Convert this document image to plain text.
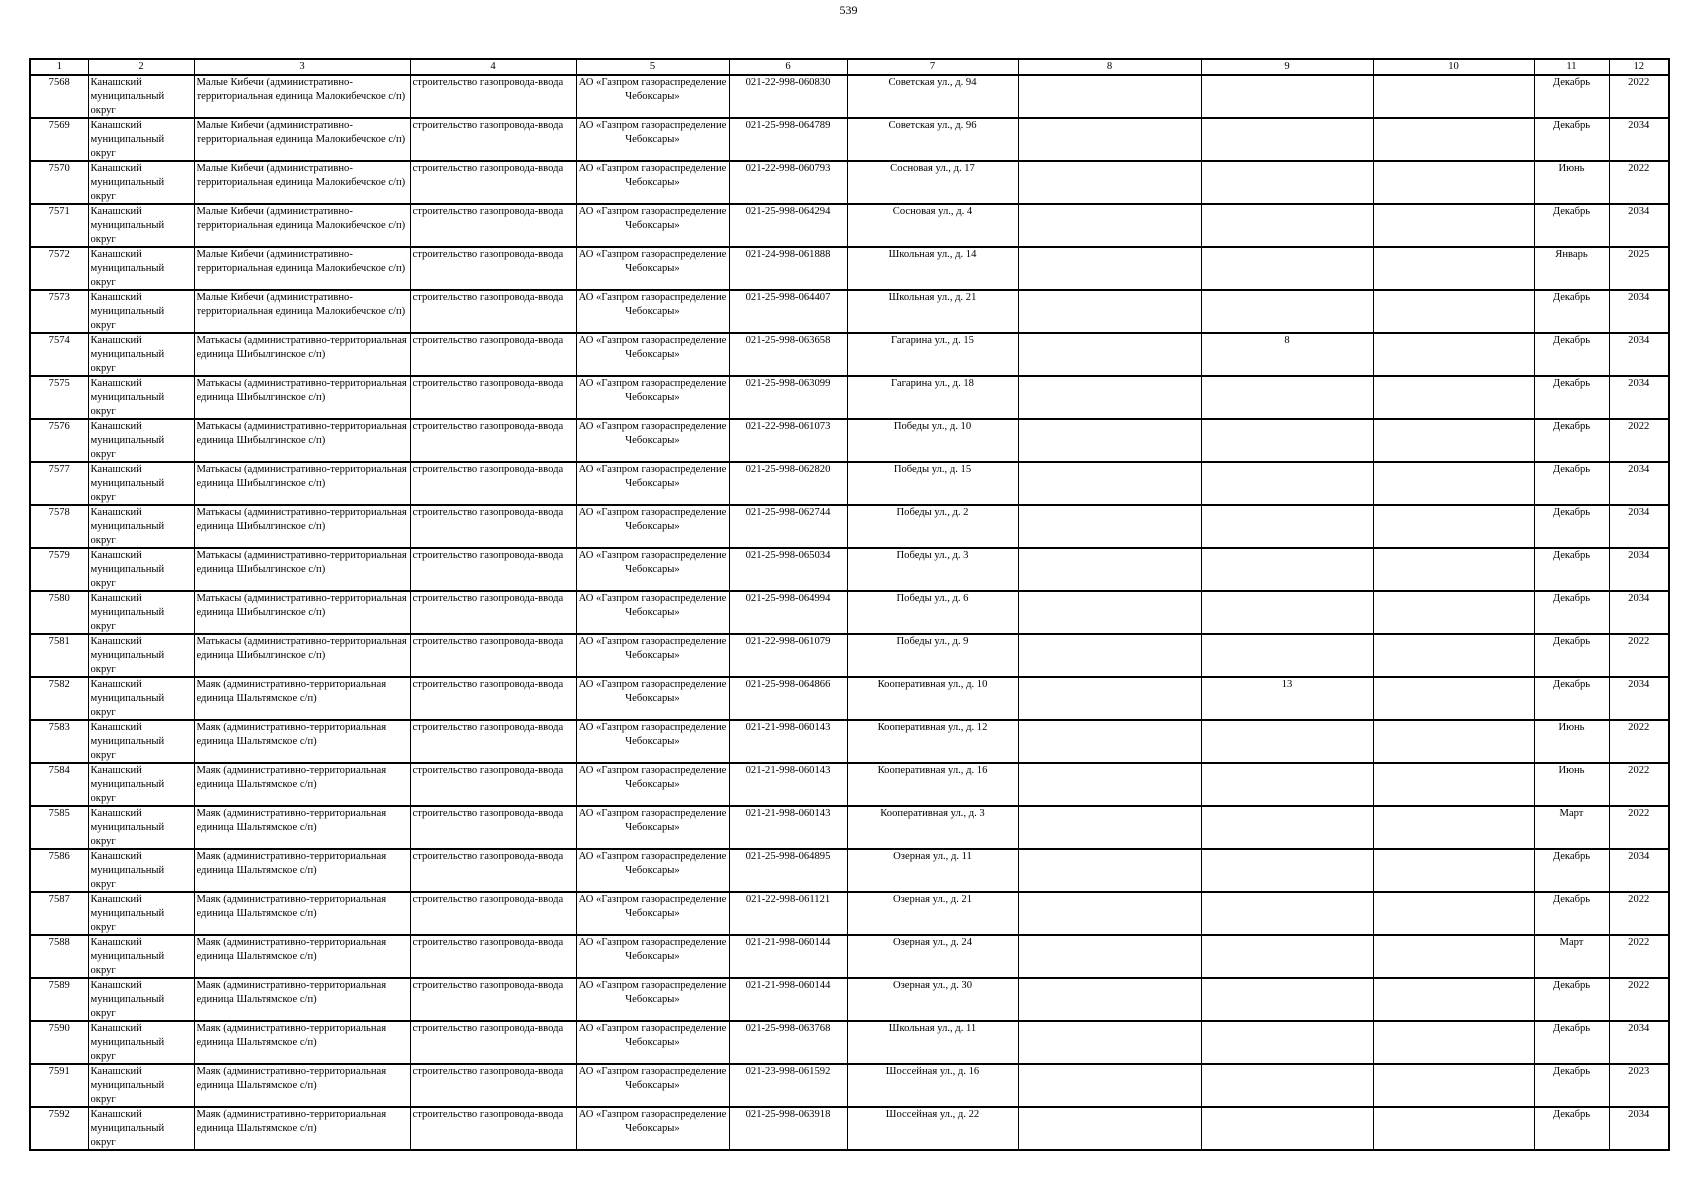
539
1	2	3	4	5	6	7	8	9	10	11	12

7568	Канашский муниципальный округ	Малые Кибечи (административно-территориальная единица Малокибечское с/п)	строительство газопровода-ввода	АО «Газпром газораспределение Чебоксары»	021-22-998-060830	Советская ул., д. 94				Декабрь	2022

7569	Канашский муниципальный округ	Малые Кибечи (административно-территориальная единица Малокибечское с/п)	строительство газопровода-ввода	АО «Газпром газораспределение Чебоксары»	021-25-998-064789	Советская ул., д. 96				Декабрь	2034

7570	Канашский муниципальный округ	Малые Кибечи (административно-территориальная единица Малокибечское с/п)	строительство газопровода-ввода	АО «Газпром газораспределение Чебоксары»	021-22-998-060793	Сосновая ул., д. 17				Июнь	2022

7571	Канашский муниципальный округ	Малые Кибечи (административно-территориальная единица Малокибечское с/п)	строительство газопровода-ввода	АО «Газпром газораспределение Чебоксары»	021-25-998-064294	Сосновая ул., д. 4				Декабрь	2034

7572	Канашский муниципальный округ	Малые Кибечи (административно-территориальная единица Малокибечское с/п)	строительство газопровода-ввода	АО «Газпром газораспределение Чебоксары»	021-24-998-061888	Школьная ул., д. 14				Январь	2025

7573	Канашский муниципальный округ	Малые Кибечи (административно-территориальная единица Малокибечское с/п)	строительство газопровода-ввода	АО «Газпром газораспределение Чебоксары»	021-25-998-064407	Школьная ул., д. 21				Декабрь	2034

7574	Канашский муниципальный округ	Матькасы (административно-территориальная единица Шибылгинское с/п)	строительство газопровода-ввода	АО «Газпром газораспределение Чебоксары»	021-25-998-063658	Гагарина ул., д. 15		8		Декабрь	2034

7575	Канашский муниципальный округ	Матькасы (административно-территориальная единица Шибылгинское с/п)	строительство газопровода-ввода	АО «Газпром газораспределение Чебоксары»	021-25-998-063099	Гагарина ул., д. 18				Декабрь	2034

7576	Канашский муниципальный округ	Матькасы (административно-территориальная единица Шибылгинское с/п)	строительство газопровода-ввода	АО «Газпром газораспределение Чебоксары»	021-22-998-061073	Победы ул., д. 10				Декабрь	2022

7577	Канашский муниципальный округ	Матькасы (административно-территориальная единица Шибылгинское с/п)	строительство газопровода-ввода	АО «Газпром газораспределение Чебоксары»	021-25-998-062820	Победы ул., д. 15				Декабрь	2034

7578	Канашский муниципальный округ	Матькасы (административно-территориальная единица Шибылгинское с/п)	строительство газопровода-ввода	АО «Газпром газораспределение Чебоксары»	021-25-998-062744	Победы ул., д. 2				Декабрь	2034

7579	Канашский муниципальный округ	Матькасы (административно-территориальная единица Шибылгинское с/п)	строительство газопровода-ввода	АО «Газпром газораспределение Чебоксары»	021-25-998-065034	Победы ул., д. 3				Декабрь	2034

7580	Канашский муниципальный округ	Матькасы (административно-территориальная единица Шибылгинское с/п)	строительство газопровода-ввода	АО «Газпром газораспределение Чебоксары»	021-25-998-064994	Победы ул., д. 6				Декабрь	2034

7581	Канашский муниципальный округ	Матькасы (административно-территориальная единица Шибылгинское с/п)	строительство газопровода-ввода	АО «Газпром газораспределение Чебоксары»	021-22-998-061079	Победы ул., д. 9				Декабрь	2022

7582	Канашский муниципальный округ	Маяк (административно-территориальная единица Шальтямское с/п)	строительство газопровода-ввода	АО «Газпром газораспределение Чебоксары»	021-25-998-064866	Кооперативная ул., д. 10		13		Декабрь	2034

7583	Канашский муниципальный округ	Маяк (административно-территориальная единица Шальтямское с/п)	строительство газопровода-ввода	АО «Газпром газораспределение Чебоксары»	021-21-998-060143	Кооперативная ул., д. 12				Июнь	2022

7584	Канашский муниципальный округ	Маяк (административно-территориальная единица Шальтямское с/п)	строительство газопровода-ввода	АО «Газпром газораспределение Чебоксары»	021-21-998-060143	Кооперативная ул., д. 16				Июнь	2022

7585	Канашский муниципальный округ	Маяк (административно-территориальная единица Шальтямское с/п)	строительство газопровода-ввода	АО «Газпром газораспределение Чебоксары»	021-21-998-060143	Кооперативная ул., д. 3				Март	2022

7586	Канашский муниципальный округ	Маяк (административно-территориальная единица Шальтямское с/п)	строительство газопровода-ввода	АО «Газпром газораспределение Чебоксары»	021-25-998-064895	Озерная ул., д. 11				Декабрь	2034

7587	Канашский муниципальный округ	Маяк (административно-территориальная единица Шальтямское с/п)	строительство газопровода-ввода	АО «Газпром газораспределение Чебоксары»	021-22-998-061121	Озерная ул., д. 21				Декабрь	2022

7588	Канашский муниципальный округ	Маяк (административно-территориальная единица Шальтямское с/п)	строительство газопровода-ввода	АО «Газпром газораспределение Чебоксары»	021-21-998-060144	Озерная ул., д. 24				Март	2022

7589	Канашский муниципальный округ	Маяк (административно-территориальная единица Шальтямское с/п)	строительство газопровода-ввода	АО «Газпром газораспределение Чебоксары»	021-21-998-060144	Озерная ул., д. 30				Декабрь	2022

7590	Канашский муниципальный округ	Маяк (административно-территориальная единица Шальтямское с/п)	строительство газопровода-ввода	АО «Газпром газораспределение Чебоксары»	021-25-998-063768	Школьная ул., д. 11				Декабрь	2034

7591	Канашский муниципальный округ	Маяк (административно-территориальная единица Шальтямское с/п)	строительство газопровода-ввода	АО «Газпром газораспределение Чебоксары»	021-23-998-061592	Шоссейная ул., д. 16				Декабрь	2023

7592	Канашский муниципальный округ	Маяк (административно-территориальная единица Шальтямское с/п)	строительство газопровода-ввода	АО «Газпром газораспределение Чебоксары»	021-25-998-063918	Шоссейная ул., д. 22				Декабрь	2034
